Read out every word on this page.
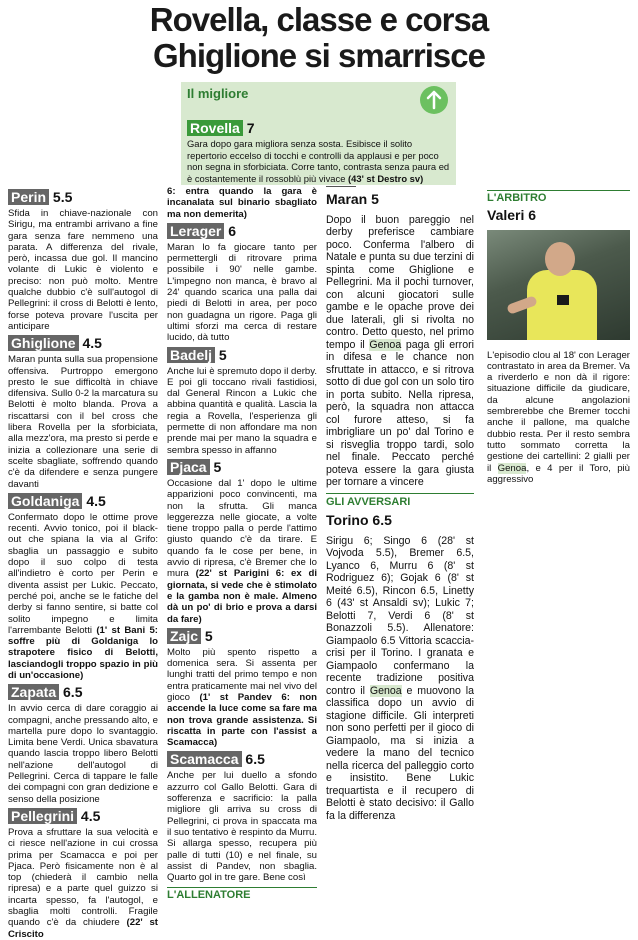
Rovella, classe e corsa
Ghiglione si smarrisce
Il migliore
Rovella 7
Gara dopo gara migliora senza sosta. Esibisce il solito repertorio eccelso di tocchi e controlli da applausi e per poco non segna in sforbiciata. Corre tanto, contrasta senza paura ed è costantemente il rossoblù più vivace (43' st Destro sv)
Perin 5.5

Sfida in chiave-nazionale con Sirigu, ma entrambi arrivano a fine gara senza fare nemmeno una parata. A differenza del rivale, però, incassa due gol. Il mancino volante di Lukic è violento e preciso: non può molto. Mentre qualche dubbio c'è sull'autogol di Pellegrini: il cross di Belotti è lento, forse poteva provare l'uscita per anticipare

Ghiglione 4.5

Maran punta sulla sua propensione offensiva. Purtroppo emergono presto le sue difficoltà in chiave difensiva. Sullo 0-2 la marcatura su Belotti è molto blanda. Prova a riscattarsi con il bel cross che libera Rovella per la sforbiciata, alla mezz'ora, ma presto si perde e inizia a collezionare una serie di scelte sbagliate, soffrendo quando c'è da difendere e senza pungere davanti

Goldaniga 4.5

Confermato dopo le ottime prove recenti. Avvio tonico, poi il black-out che spiana la via al Grifo: sbaglia un passaggio e subito dopo il suo colpo di testa all'indietro è corto per Perin e diventa assist per Lukic. Peccato, perché poi, anche se le fatiche del derby si fanno sentire, si batte col solito impegno e limita l'arrembante Belotti (1' st Bani 5: soffre più di Goldaniga lo strapotere fisico di Belotti, lasciandogli troppo spazio in più di un'occasione)

Zapata 6.5

In avvio cerca di dare coraggio ai compagni, anche pressando alto, e martella pure dopo lo svantaggio. Limita bene Verdi. Unica sbavatura quando lascia troppo libero Belotti nell'azione dell'autogol di Pellegrini. Cerca di tappare le falle dei compagni con gran dedizione e senso della posizione

Pellegrini 4.5

Prova a sfruttare la sua velocità e ci riesce nell'azione in cui crossa prima per Scamacca e poi per Pjaca. Però fisicamente non è al top (chiederà il cambio nella ripresa) e a parte quel guizzo si incarta spesso, fa l'autogol, e sbaglia molti controlli. Fragile quando c'è da chiudere (22' st Criscito

6: entra quando la gara è incanalata sul binario sbagliato ma non demerita)

Lerager 6

Maran lo fa giocare tanto per permettergli di ritrovare prima possibile i 90' nelle gambe. L'impegno non manca, è bravo al 24' quando scarica una palla dai piedi di Belotti in area, per poco non guadagna un rigore. Paga gli ultimi sforzi ma cerca di restare lucido, dà tutto

Badelj 5

Anche lui è spremuto dopo il derby. E poi gli toccano rivali fastidiosi, dal General Rincon a Lukic che abbina quantità e qualità. Lascia la regia a Rovella, l'esperienza gli permette di non affondare ma non prende mai per mano la squadra e sembra spesso in affanno

Pjaca 5

Occasione dal 1' dopo le ultime apparizioni poco convincenti, ma non la sfrutta. Gli manca leggerezza nelle giocate, a volte tiene troppo palla o perde l'attimo giusto quando c'è da tirare. E quando fa le cose per bene, in avvio di ripresa, c'è Bremer che lo mura (22' st Parigini 6: ex di giornata, si vede che è stimolato e la gamba non è male. Almeno dà un po' di brio e prova a darsi da fare)

Zajc 5

Molto più spento rispetto a domenica sera. Si assenta per lunghi tratti del primo tempo e non entra praticamente mai nel vivo del gioco (1' st Pandev 6: non accende la luce come sa fare ma non trova grande assistenza. Si riscatta in parte con l'assist a Scamacca)

Scamacca 6.5

Anche per lui duello a sfondo azzurro col Gallo Belotti. Gara di sofferenza e sacrificio: la palla migliore gli arriva su cross di Pellegrini, ci prova in spaccata ma il suo tentativo è respinto da Murru. Si allarga spesso, recupera più palle di tutti (10) e nel finale, su assist di Pandev, non sbaglia. Quarto gol in tre gare. Bene così

L'ALLENATORE
Maran 5

Dopo il buon pareggio nel derby preferisce cambiare poco. Conferma l'albero di Natale e punta su due terzini di spinta come Ghiglione e Pellegrini. Ma il pochi turnover, con alcuni giocatori sulle gambe e le opache prove dei due laterali, gli si rivolta no contro. Detto questo, nel primo tempo il Genoa paga gli errori in difesa e le chance non sfruttate in attacco, e si ritrova sotto di due gol con un solo tiro in porta subito. Nella ripresa, però, la squadra non attacca col furore atteso, si fa imbrigliare un po' dal Torino e si risveglia troppo tardi, solo nel finale. Peccato perché poteva essere la gara giusta per tornare a vincere

GLI AVVERSARI
Torino 6.5

Sirigu 6; Singo 6 (28' st Vojvoda 5.5), Bremer 6.5, Lyanco 6, Murru 6 (8' st Rodriguez 6); Gojak 6 (8' st Meité 6.5), Rincon 6.5, Linetty 6 (43' st Ansaldi sv); Lukic 7; Belotti 7, Verdi 6 (8' st Bonazzoli 5.5). Allenatore: Giampaolo 6.5 Vittoria scaccia-crisi per il Torino. I granata e Giampaolo confermano la recente tradizione positiva contro il Genoa e muovono la classifica dopo un avvio di stagione difficile. Gli interpreti non sono perfetti per il gioco di Giampaolo, ma si inizia a vedere la mano del tecnico nella ricerca del palleggio corto e insistito. Bene Lukic trequartista e il recupero di Belotti è stato decisivo: il Gallo fa la differenza

L'ARBITRO
Valeri 6

L'episodio clou al 18' con Lerager contrastato in area da Bremer. Va a riverderlo e non dà il rigore: situazione difficile da giudicare, da alcune angolazioni sembrerebbe che Bremer tocchi anche il pallone, ma qualche dubbio resta. Per il resto sembra tutto sommato corretta la gestione dei cartellini: 2 gialli per il Genoa, e 4 per il Toro, più aggressivo
